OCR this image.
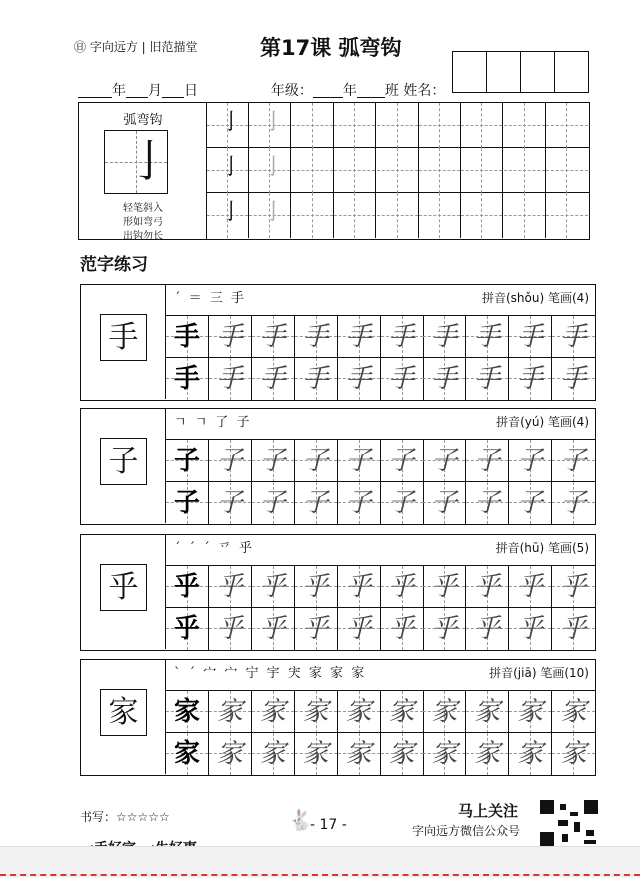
㊐ 字向远方 | 旧范描堂	第17课 弧弯钩
年 月 日	年级： 年 班 姓名：
弧弯钩
亅
轻笔斜入
形如弯弓
出钩勿长
亅 亅
亅 亅
亅 亅
范字练习
手
ˊ ＝ 三 手	拼音(shǒu) 笔画(4)
手 手 手 手 手 手 手 手 手 手
手 手 手 手 手 手 手 手 手 手
子
ㄱ ㄱ 了 子	拼音(yú) 笔画(4)
子 子 子 子 子 子 子 子 子 子
子 子 子 子 子 子 子 子 子 子
乎
ˊ ˊ ˊ 乊 乎	拼音(hū) 笔画(5)
乎 乎 乎 乎 乎 乎 乎 乎 乎 乎
乎 乎 乎 乎 乎 乎 乎 乎 乎 乎
家
ˋ ˊ 宀 宀 宁 宇 宊 家 家 家	拼音(jiā) 笔画(10)
家 家 家 家 家 家 家 家 家 家
家 家 家 家 家 家 家 家 家 家
书写：☆☆☆☆☆	🐇
- 17 -
马上关注
字向远方微信公众号
